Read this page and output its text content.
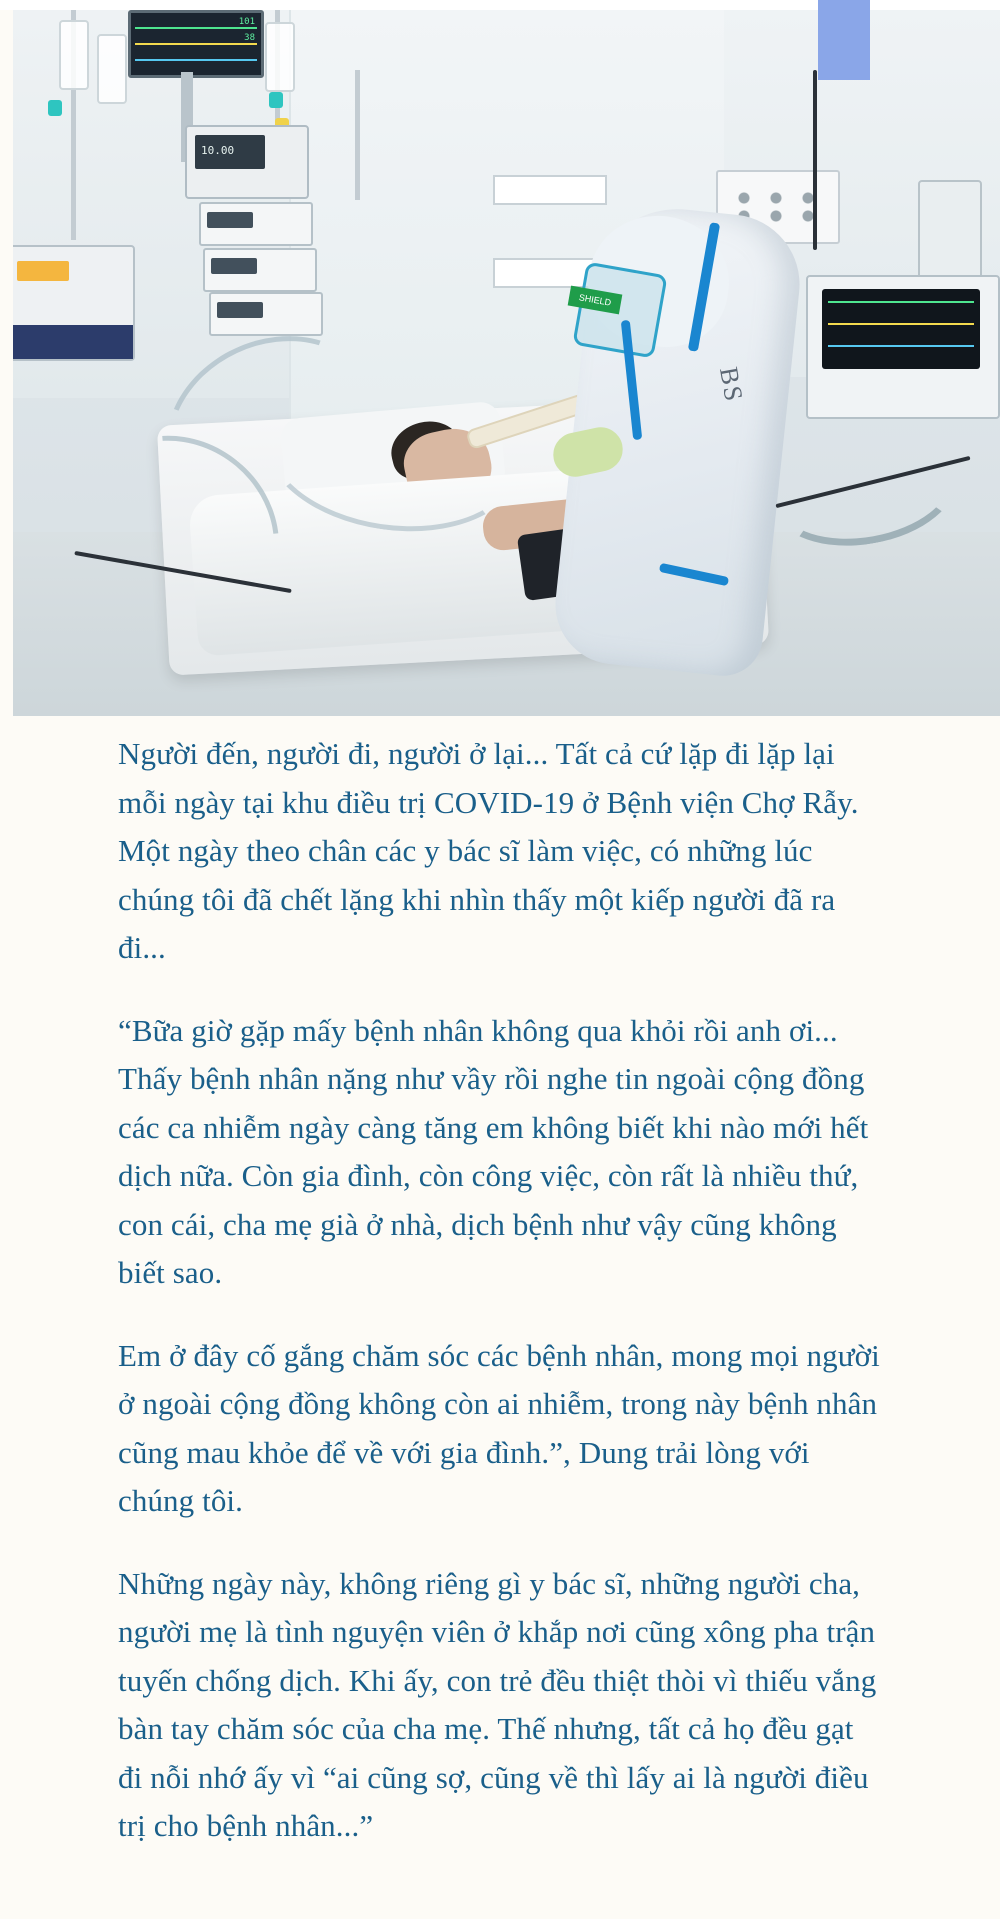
101
38
10.00
SHIELD
BS

Người đến, người đi, người ở lại... Tất cả cứ lặp đi lặp lại mỗi ngày tại khu điều trị COVID-19 ở Bệnh viện Chợ Rẫy. Một ngày theo chân các y bác sĩ làm việc, có những lúc chúng tôi đã chết lặng khi nhìn thấy một kiếp người đã ra đi...

“Bữa giờ gặp mấy bệnh nhân không qua khỏi rồi anh ơi... Thấy bệnh nhân nặng như vầy rồi nghe tin ngoài cộng đồng các ca nhiễm ngày càng tăng em không biết khi nào mới hết dịch nữa. Còn gia đình, còn công việc, còn rất là nhiều thứ, con cái, cha mẹ già ở nhà, dịch bệnh như vậy cũng không biết sao.

Em ở đây cố gắng chăm sóc các bệnh nhân, mong mọi người ở ngoài cộng đồng không còn ai nhiễm, trong này bệnh nhân cũng mau khỏe để về với gia đình.”, Dung trải lòng với chúng tôi.

Những ngày này, không riêng gì y bác sĩ, những người cha, người mẹ là tình nguyện viên ở khắp nơi cũng xông pha trận tuyến chống dịch. Khi ấy, con trẻ đều thiệt thòi vì thiếu vắng bàn tay chăm sóc của cha mẹ. Thế nhưng, tất cả họ đều gạt đi nỗi nhớ ấy vì “ai cũng sợ, cũng về thì lấy ai là người điều trị cho bệnh nhân...”
